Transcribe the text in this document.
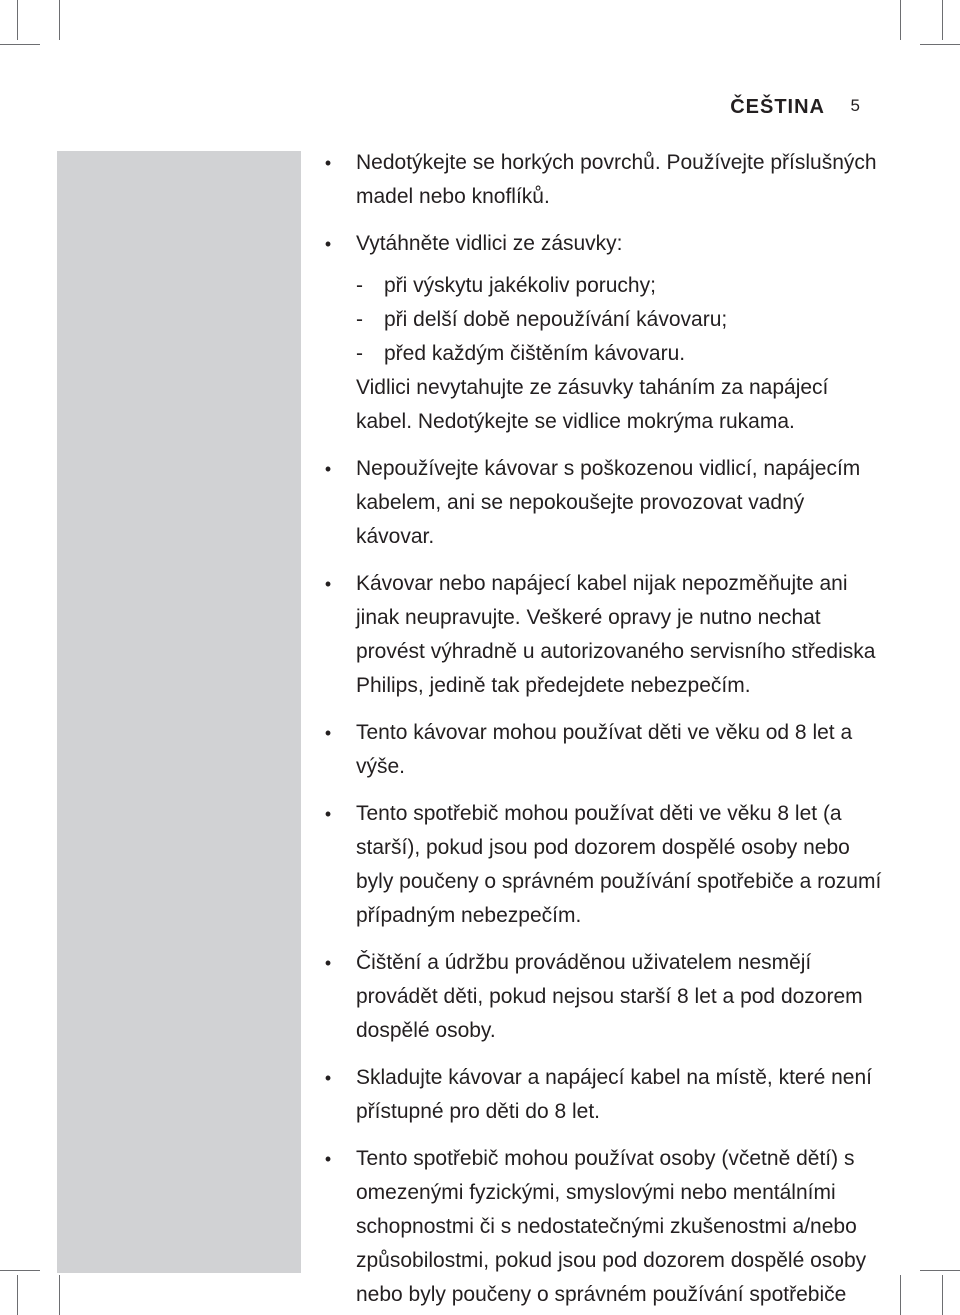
ČEŠTINA 5
• Nedotýkejte se horkých povrchů. Používejte příslušných madel nebo knoflíků.

• Vytáhněte vidlici ze zásuvky:

- při výskytu jakékoliv poruchy;

- při delší době nepoužívání kávovaru;

- před každým čištěním kávovaru.

Vidlici nevytahujte ze zásuvky taháním za napájecí kabel. Nedotýkejte se vidlice mokrýma rukama.

• Nepoužívejte kávovar s poškozenou vidlicí, napájecím kabelem, ani se nepokoušejte provozovat vadný kávovar.

• Kávovar nebo napájecí kabel nijak nepozměňujte ani jinak neupravujte. Veškeré opravy je nutno nechat provést výhradně u autorizovaného servisního střediska Philips, jedině tak předejdete nebezpečím.

• Tento kávovar mohou používat děti ve věku od 8 let a výše.

• Tento spotřebič mohou používat děti ve věku 8 let (a starší), pokud jsou pod dozorem dospělé osoby nebo byly poučeny o správném používání spotřebiče a rozumí případným nebezpečím.

• Čištění a údržbu prováděnou uživatelem nesmějí provádět děti, pokud nejsou starší 8 let a pod dozorem dospělé osoby.

• Skladujte kávovar a napájecí kabel na místě, které není přístupné pro děti do 8 let.

• Tento spotřebič mohou používat osoby (včetně dětí) s omezenými fyzickými, smyslovými nebo mentálními schopnostmi či s nedostatečnými zkušenostmi a/nebo způsobilostmi, pokud jsou pod dozorem dospělé osoby nebo byly poučeny o správném používání spotřebiče
